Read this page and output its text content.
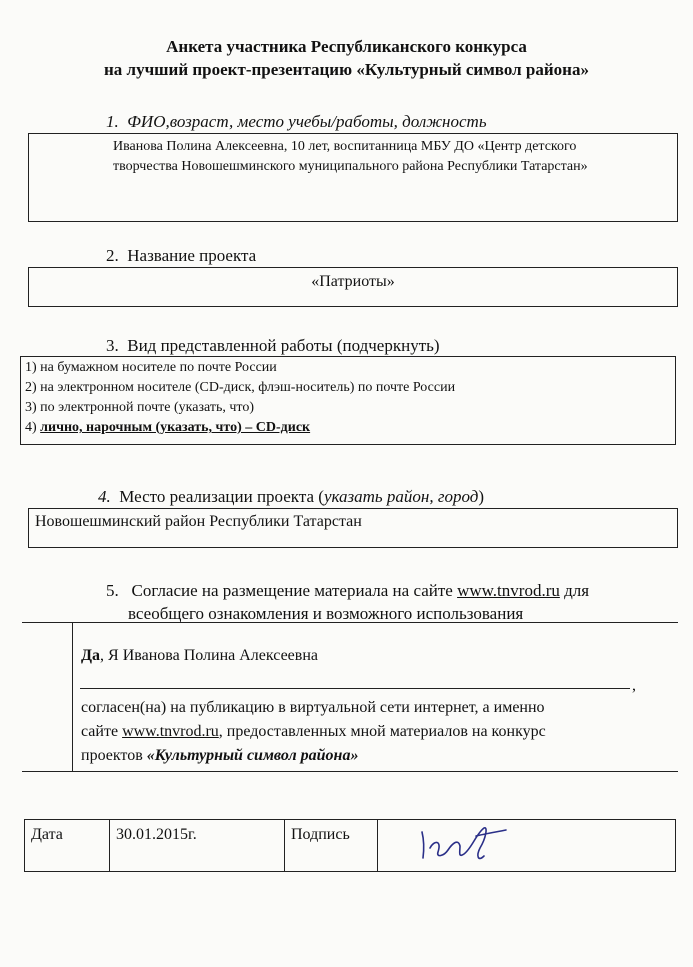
Анкета участника Республиканского конкурса
на лучший проект-презентацию «Культурный символ района»
1. ФИО,возраст, место учебы/работы, должность
Иванова Полина Алексеевна, 10 лет, воспитанница МБУ ДО «Центр детского
творчества Новошешминского муниципального района Республики Татарстан»
2. Название проекта
«Патриоты»
3. Вид представленной работы (подчеркнуть)
1) на бумажном носителе по почте России
2) на электронном носителе (CD-диск, флэш-носитель) по почте России
3) по электронной почте (указать, что)
4) лично, нарочным (указать, что) – CD-диск
4. Место реализации проекта (указать район, город)
Новошешминский район Республики Татарстан
5. Согласие на размещение материала на сайте www.tnvrod.ru для
всеобщего ознакомления и возможного использования
Да, Я Иванова Полина Алексеевна
,
согласен(на) на публикацию в виртуальной сети интернет, а именно
сайте www.tnvrod.ru, предоставленных мной материалов на конкурс
проектов «Культурный символ района»
Дата	30.01.2015г.	Подпись	
